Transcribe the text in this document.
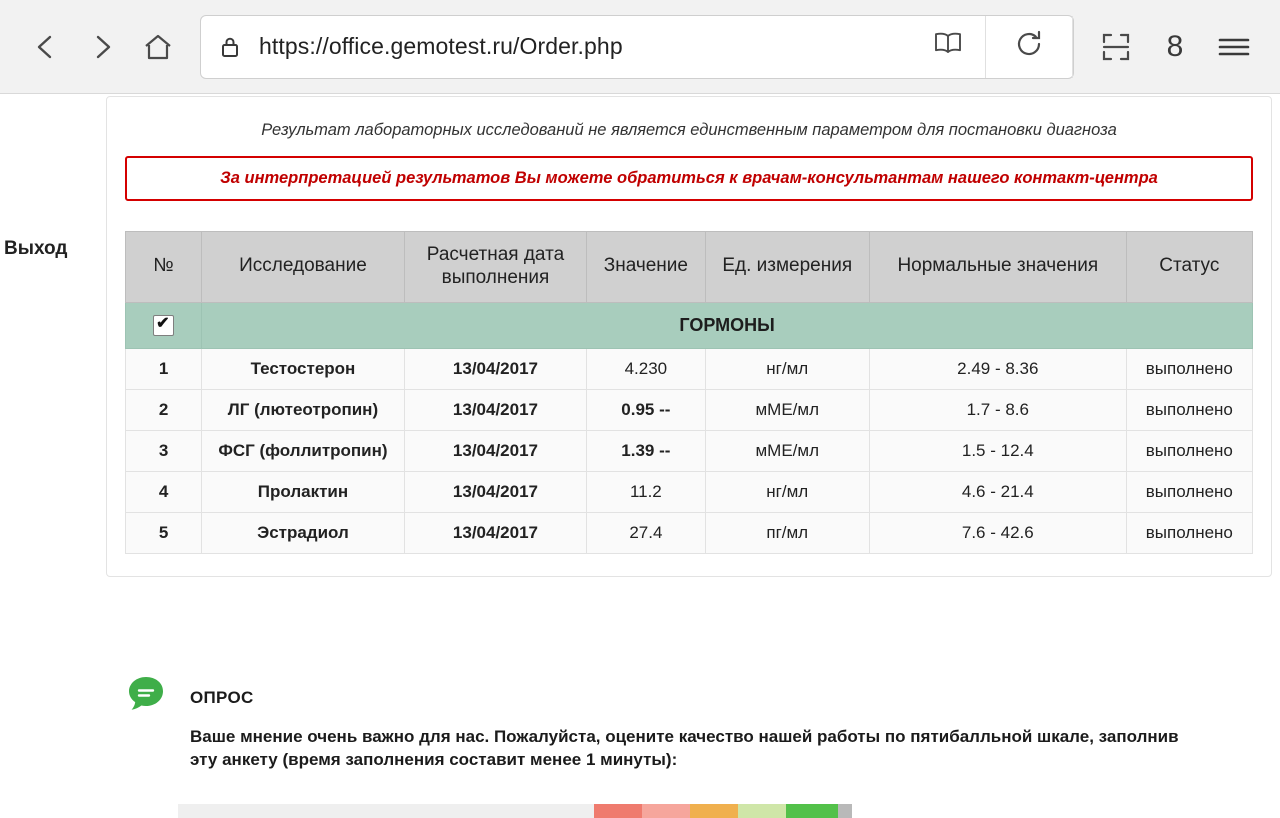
https://office.gemotest.ru/Order.php	8
Выход
Результат лабораторных исследований не является единственным параметром для постановки диагноза
За интерпретацией результатов Вы можете обратиться к врачам-консультантам нашего контакт-центра
№	Исследование	Расчетная дата выполнения	Значение	Ед. измерения	Нормальные значения	Статус
✔	ГОРМОНЫ					
1	Тестостерон	13/04/2017	4.230	нг/мл	2.49 - 8.36	выполнено
2	ЛГ (лютеотропин)	13/04/2017	0.95 --	мМЕ/мл	1.7 - 8.6	выполнено
3	ФСГ (фоллитропин)	13/04/2017	1.39 --	мМЕ/мл	1.5 - 12.4	выполнено
4	Пролактин	13/04/2017	11.2	нг/мл	4.6 - 21.4	выполнено
5	Эстрадиол	13/04/2017	27.4	пг/мл	7.6 - 42.6	выполнено
ОПРОС
Ваше мнение очень важно для нас. Пожалуйста, оцените качество нашей работы по пятибалльной шкале, заполнив эту анкету (время заполнения составит менее 1 минуты):
